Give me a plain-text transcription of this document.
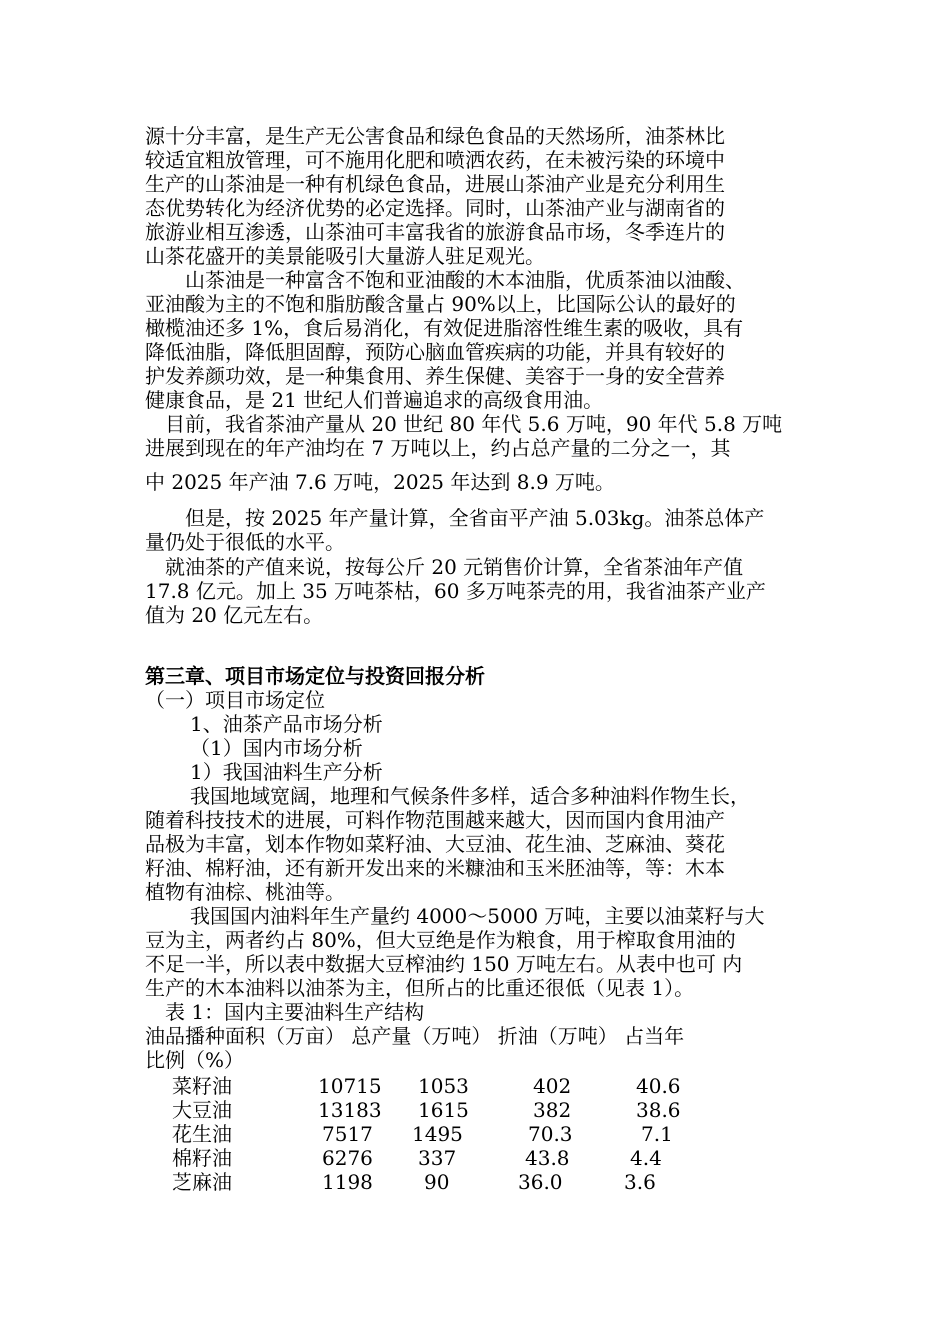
源十分丰富，是生产无公害食品和绿色食品的天然场所，油茶林比

较适宜粗放管理，可不施用化肥和喷洒农药，在未被污染的环境中

生产的山茶油是一种有机绿色食品，进展山茶油产业是充分利用生

态优势转化为经济优势的必定选择。同时，山茶油产业与湖南省的

旅游业相互渗透，山茶油可丰富我省的旅游食品市场，冬季连片的

山茶花盛开的美景能吸引大量游人驻足观光。

山茶油是一种富含不饱和亚油酸的木本油脂，优质茶油以油酸、

亚油酸为主的不饱和脂肪酸含量占 90%以上，比国际公认的最好的

橄榄油还多 1%，食后易消化，有效促进脂溶性维生素的吸收，具有

降低油脂，降低胆固醇，预防心脑血管疾病的功能，并具有较好的

护发养颜功效，是一种集食用、养生保健、美容于一身的安全营养

健康食品，是 21 世纪人们普遍追求的高级食用油。

目前，我省茶油产量从 20 世纪 80 年代 5.6 万吨，90 年代 5.8 万吨

进展到现在的年产油均在 7 万吨以上，约占总产量的二分之一，其

中 2025 年产油 7.6 万吨，2025 年达到 8.9 万吨。

但是，按 2025 年产量计算，全省亩平产油 5.03kg。油茶总体产

量仍处于很低的水平。

就油茶的产值来说，按每公斤 20 元销售价计算，全省茶油年产值

17.8 亿元。加上 35 万吨茶枯，60 多万吨茶壳的用，我省油茶产业产

值为 20 亿元左右。

第三章、项目市场定位与投资回报分析

（一）项目市场定位

1、油茶产品市场分析

（1）国内市场分析

1）我国油料生产分析

我国地域宽阔，地理和气候条件多样，适合多种油料作物生长，

随着科技技术的进展，可料作物范围越来越大，因而国内食用油产

品极为丰富，划本作物如菜籽油、大豆油、花生油、芝麻油、葵花

籽油、棉籽油，还有新开发出来的米糠油和玉米胚油等，等：木本

植物有油棕、桃油等。

我国国内油料年生产量约 4000～5000 万吨，主要以油菜籽与大

豆为主，两者约占 80%，但大豆绝是作为粮食，用于榨取食用油的

不足一半，所以表中数据大豆榨油约 150 万吨左右。从表中也可 内

生产的木本油料以油茶为主，但所占的比重还很低（见表 1）。

表 1：国内主要油料生产结构

油品播种面积（万亩） 总产量（万吨） 折油（万吨） 占当年

比例（%）

菜籽油	10715 1053	402	40.6
大豆油	13183 1615	382	38.6
花生油	7517 1495	70.3	7.1
棉籽油	6276 337	43.8	4.4
芝麻油	1198	90	36.0	3.6
